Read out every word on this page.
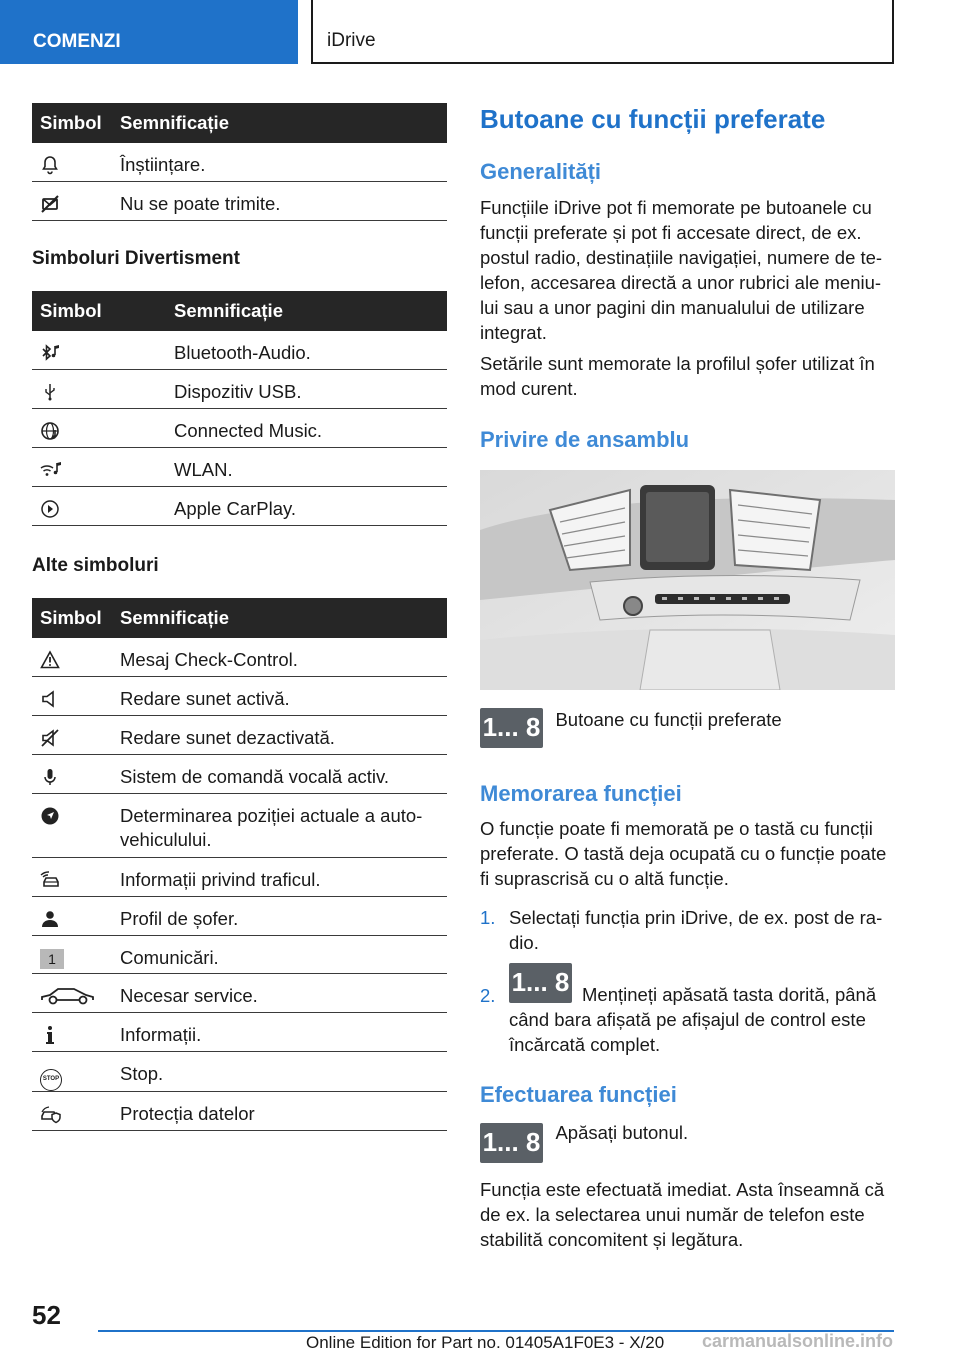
COMENZI	iDrive
Simbol	Semnificație

	Înștiințare.

	Nu se poate trimite.
Simboluri Divertisment
Simbol	Semnificație

	Bluetooth-Audio.

	Dispozitiv USB.

	Connected Music.

	WLAN.

	Apple CarPlay.
Alte simboluri
Simbol	Semnificație

	Mesaj Check-Control.

	Redare sunet activă.

	Redare sunet dezactivată.

	Sistem de comandă vocală activ.

	Determinarea poziției actuale a auto-
vehiculului.

	Informații privind traficul.

	Profil de șofer.
1	Comunicări.

	Necesar service.

	Informații.
STOP	Stop.

	Protecția datelor
Butoane cu funcții preferate
Generalități
Funcțiile iDrive pot fi memorate pe butoanele cu funcții preferate și pot fi accesate direct, de ex. postul radio, destinațiile navigației, numere de te-lefon, accesarea directă a unor rubrici ale meniu-lui sau a unor pagini din manualului de utilizare integrat.
Setările sunt memorate la profilul șofer utilizat în mod curent.
Privire de ansamblu
1... 8 Butoane cu funcții preferate
Memorarea funcției
O funcție poate fi memorată pe o tastă cu funcții preferate. O tastă deja ocupată cu o funcție poate fi suprascrisă cu o altă funcție.
1. Selectați funcția prin iDrive, de ex. post de ra-dio.
2. 1... 8 Mențineți apăsată tasta dorită, până când bara afișată pe afișajul de control este încărcată complet.
Efectuarea funcției
1... 8 Apăsați butonul.
Funcția este efectuată imediat. Asta înseamnă că de ex. la selectarea unui număr de telefon este stabilită concomitent și legătura.
52
Online Edition for Part no. 01405A1F0E3 - X/20 carmanualsonline.info
